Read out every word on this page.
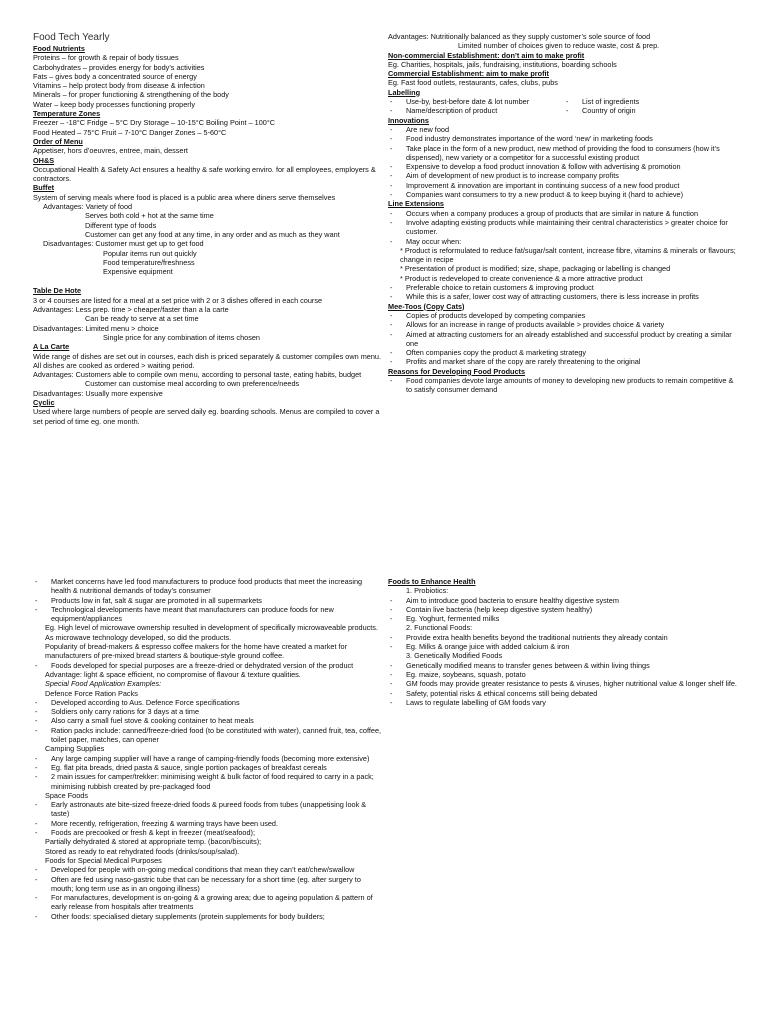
Food Tech Yearly
Food Nutrients
Proteins – for growth & repair of body tissues
Carbohydrates – provides energy for body’s activities
Fats – gives body a concentrated source of energy
Vitamins – help protect body from disease & infection
Minerals – for proper functioning & strengthening of the body
Water – keep body processes functioning properly
Temperature Zones
Freezer – -18°C Fridge – 5°C Dry Storage – 10-15°C Boiling Point – 100°C
Food Heated – 75°C Fruit – 7-10°C Danger Zones – 5-60°C
Order of Menu
Appetiser, hors d’oeuvres, entree, main, dessert
OH&S
Occupational Health & Safety Act ensures a healthy & safe working enviro. for all employees, employers & contractors.
Buffet
System of serving meals where food is placed is a public area where diners serve themselves
Advantages: Variety of food
Serves both cold + hot at the same time
Different type of foods
Customer can get any food at any time, in any order and as much as they want
Disadvantages: Customer must get up to get food
Popular items run out quickly
Food temperature/freshness
Expensive equipment
Table De Hote
3 or 4 courses are listed for a meal at a set price with 2 or 3 dishes offered in each course
Advantages: Less prep. time > cheaper/faster than a la carte
Can be ready to serve at a set time
Disadvantages: Limited menu > choice
Single price for any combination of items chosen
A La Carte
Wide range of dishes are set out in courses, each dish is priced separately & customer compiles own menu. All dishes are cooked as ordered > waiting period.
Advantages: Customers able to compile own menu, according to personal taste, eating habits, budget
Customer can customise meal according to own preference/needs
Disadvantages: Usually more expensive
Cyclic
Used where large numbers of people are served daily eg. boarding schools. Menus are compiled to cover a set period of time eg. one month.
Advantages: Nutritionally balanced as they supply customer’s sole source of food
Limited number of choices given to reduce waste, cost & prep.
Non-commercial Establishment: don’t aim to make profit
Eg. Charities, hospitals, jails, fundraising, institutions, boarding schools
Commercial Establishment: aim to make profit
Eg. Fast food outlets, restaurants, cafes, clubs, pubs
Labelling
- Use-by, best-before date & lot number	- List of ingredients
- Name/description of product	- Country of origin
Innovations
- Are new food
- Food industry demonstrates importance of the word ‘new’ in marketing foods
- Take place in the form of a new product, new method of providing the food to consumers (how it’s dispensed), new variety or a competitor for a successful existing product
- Expensive to develop a food product innovation & follow with advertising & promotion
- Aim of development of new product is to increase company profits
- Improvement & innovation are important in continuing success of a new food product
- Companies want consumers to try a new product & to keep buying it (hard to achieve)
Line Extensions
- Occurs when a company produces a group of products that are similar in nature & function
- Involve adapting existing products while maintaining their central characteristics > greater choice for customer.
- May occur when:
* Product is reformulated to reduce fat/sugar/salt content, increase fibre, vitamins & minerals or flavours; change in recipe
* Presentation of product is modified; size, shape, packaging or labelling is changed
* Product is redeveloped to create convenience & a more attractive product
- Preferable choice to retain customers & improving product
- While this is a safer, lower cost way of attracting customers, there is less increase in profits
Mee-Toos (Copy Cats)
- Copies of products developed by competing companies
- Allows for an increase in range of products available > provides choice & variety
- Aimed at attracting customers for an already established and successful product by creating a similar one
- Often companies copy the product & marketing strategy
- Profits and market share of the copy are rarely threatening to the original
Reasons for Developing Food Products
- Food companies devote large amounts of money to developing new products to remain competitive & to satisfy consumer demand
- Market concerns have led food manufacturers to produce food products that meet the increasing health & nutritional demands of today’s consumer
- Products low in fat, salt & sugar are promoted in all supermarkets
- Technological developments have meant that manufacturers can produce foods for new equipment/appliances
Eg. High level of microwave ownership resulted in development of specifically microwaveable products. As microwave technology developed, so did the products.
Popularity of bread-makers & espresso coffee makers for the home have created a market for manufacturers of pre-mixed bread starters & boutique-style ground coffee.
- Foods developed for special purposes are a freeze-dried or dehydrated version of the product
Advantage: light & space efficient, no compromise of flavour & texture qualities.
Special Food Application Examples:
Defence Force Ration Packs
- Developed according to Aus. Defence Force specifications
- Soldiers only carry rations for 3 days at a time
- Also carry a small fuel stove & cooking container to heat meals
- Ration packs include: canned/freeze-dried food (to be constituted with water), canned fruit, tea, coffee, toilet paper, matches, can opener
Camping Supplies
- Any large camping supplier will have a range of camping-friendly foods (becoming more extensive)
- Eg. flat pita breads, dried pasta & sauce, single portion packages of breakfast cereals
- 2 main issues for camper/trekker: minimising weight & bulk factor of food required to carry in a pack; minimising rubbish created by pre-packaged food
Space Foods
- Early astronauts ate bite-sized freeze-dried foods & pureed foods from tubes (unappetising look & taste)
- More recently, refrigeration, freezing & warming trays have been used.
- Foods are precooked or fresh & kept in freezer (meat/seafood);
Partially dehydrated & stored at appropriate temp. (bacon/biscuits);
Stored as ready to eat rehydrated foods (drinks/soup/salad).
Foods for Special Medical Purposes
- Developed for people with on-going medical conditions that mean they can’t eat/chew/swallow
- Often are fed using naso-gastric tube that can be necessary for a short time (eg. after surgery to mouth; long term use as in an ongoing illness)
- For manufactures, development is on-going & a growing area; due to ageing population & pattern of early release from hospitals after treatments
- Other foods: specialised dietary supplements (protein supplements for body builders;
Foods to Enhance Health
1. Probiotics:
- Aim to introduce good bacteria to ensure healthy digestive system
- Contain live bacteria (help keep digestive system healthy)
- Eg. Yoghurt, fermented milks
2. Functional Foods:
- Provide extra health benefits beyond the traditional nutrients they already contain
- Eg. Milks & orange juice with added calcium & iron
3. Genetically Modified Foods
- Genetically modified means to transfer genes between & within living things
- Eg. maize, soybeans, squash, potato
- GM foods may provide greater resistance to pests & viruses, higher nutritional value & longer shelf life.
- Safety, potential risks & ethical concerns still being debated
- Laws to regulate labelling of GM foods vary
